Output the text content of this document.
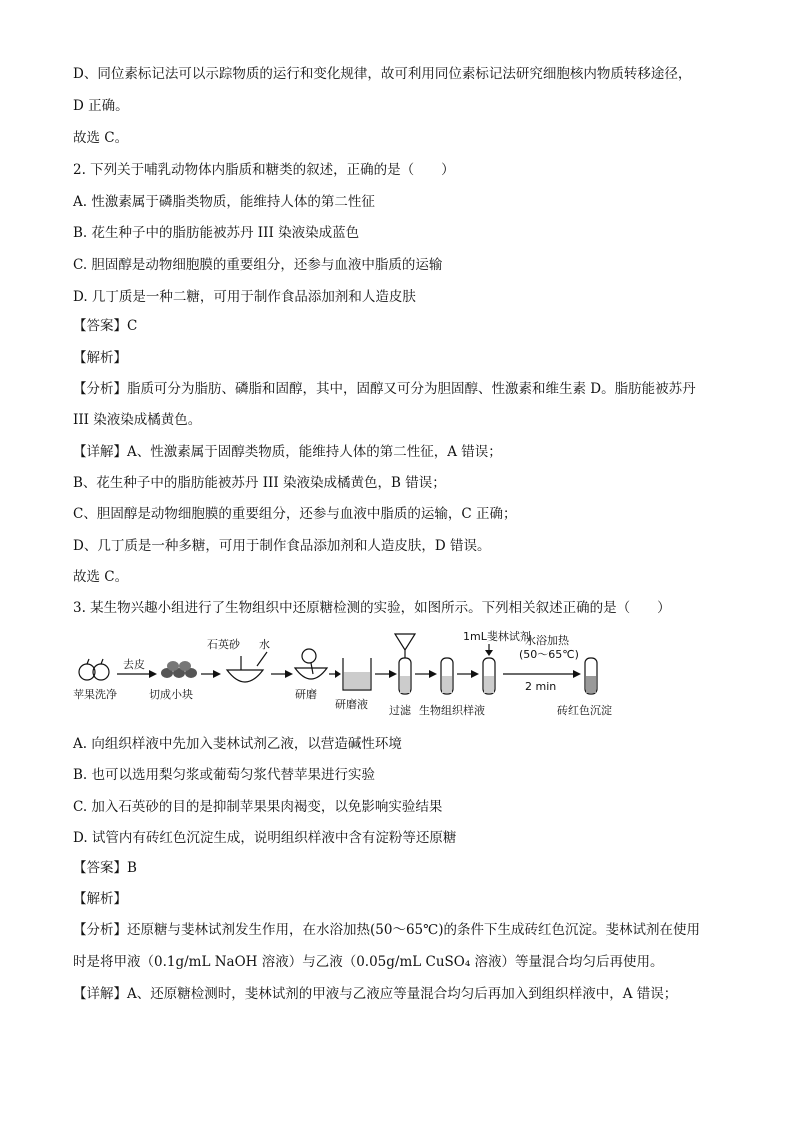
D、同位素标记法可以示踪物质的运行和变化规律，故可利用同位素标记法研究细胞核内物质转移途径，
D 正确。
故选 C。
2. 下列关于哺乳动物体内脂质和糖类的叙述，正确的是（　　）
A. 性激素属于磷脂类物质，能维持人体的第二性征
B. 花生种子中的脂肪能被苏丹 III 染液染成蓝色
C. 胆固醇是动物细胞膜的重要组分，还参与血液中脂质的运输
D. 几丁质是一种二糖，可用于制作食品添加剂和人造皮肤
【答案】C
【解析】
【分析】脂质可分为脂肪、磷脂和固醇，其中，固醇又可分为胆固醇、性激素和维生素 D。脂肪能被苏丹
III 染液染成橘黄色。
【详解】A、性激素属于固醇类物质，能维持人体的第二性征，A 错误；
B、花生种子中的脂肪能被苏丹 III 染液染成橘黄色，B 错误；
C、胆固醇是动物细胞膜的重要组分，还参与血液中脂质的运输，C 正确；
D、几丁质是一种多糖，可用于制作食品添加剂和人造皮肤，D 错误。
故选 C。
3. 某生物兴趣小组进行了生物组织中还原糖检测的实验，如图所示。下列相关叙述正确的是（　　）
苹果洗净
去皮
切成小块
石英砂 水
研磨
研磨液 过滤 生物组织样液
1mL斐林试剂
水浴加热
(50～65℃)
2 min
砖红色沉淀
A. 向组织样液中先加入斐林试剂乙液，以营造碱性环境
B. 也可以选用梨匀浆或葡萄匀浆代替苹果进行实验
C. 加入石英砂的目的是抑制苹果果肉褐变，以免影响实验结果
D. 试管内有砖红色沉淀生成，说明组织样液中含有淀粉等还原糖
【答案】B
【解析】
【分析】还原糖与斐林试剂发生作用，在水浴加热(50～65℃)的条件下生成砖红色沉淀。斐林试剂在使用
时是将甲液（0.1g/mL NaOH 溶液）与乙液（0.05g/mL CuSO₄ 溶液）等量混合均匀后再使用。
【详解】A、还原糖检测时，斐林试剂的甲液与乙液应等量混合均匀后再加入到组织样液中，A 错误；
